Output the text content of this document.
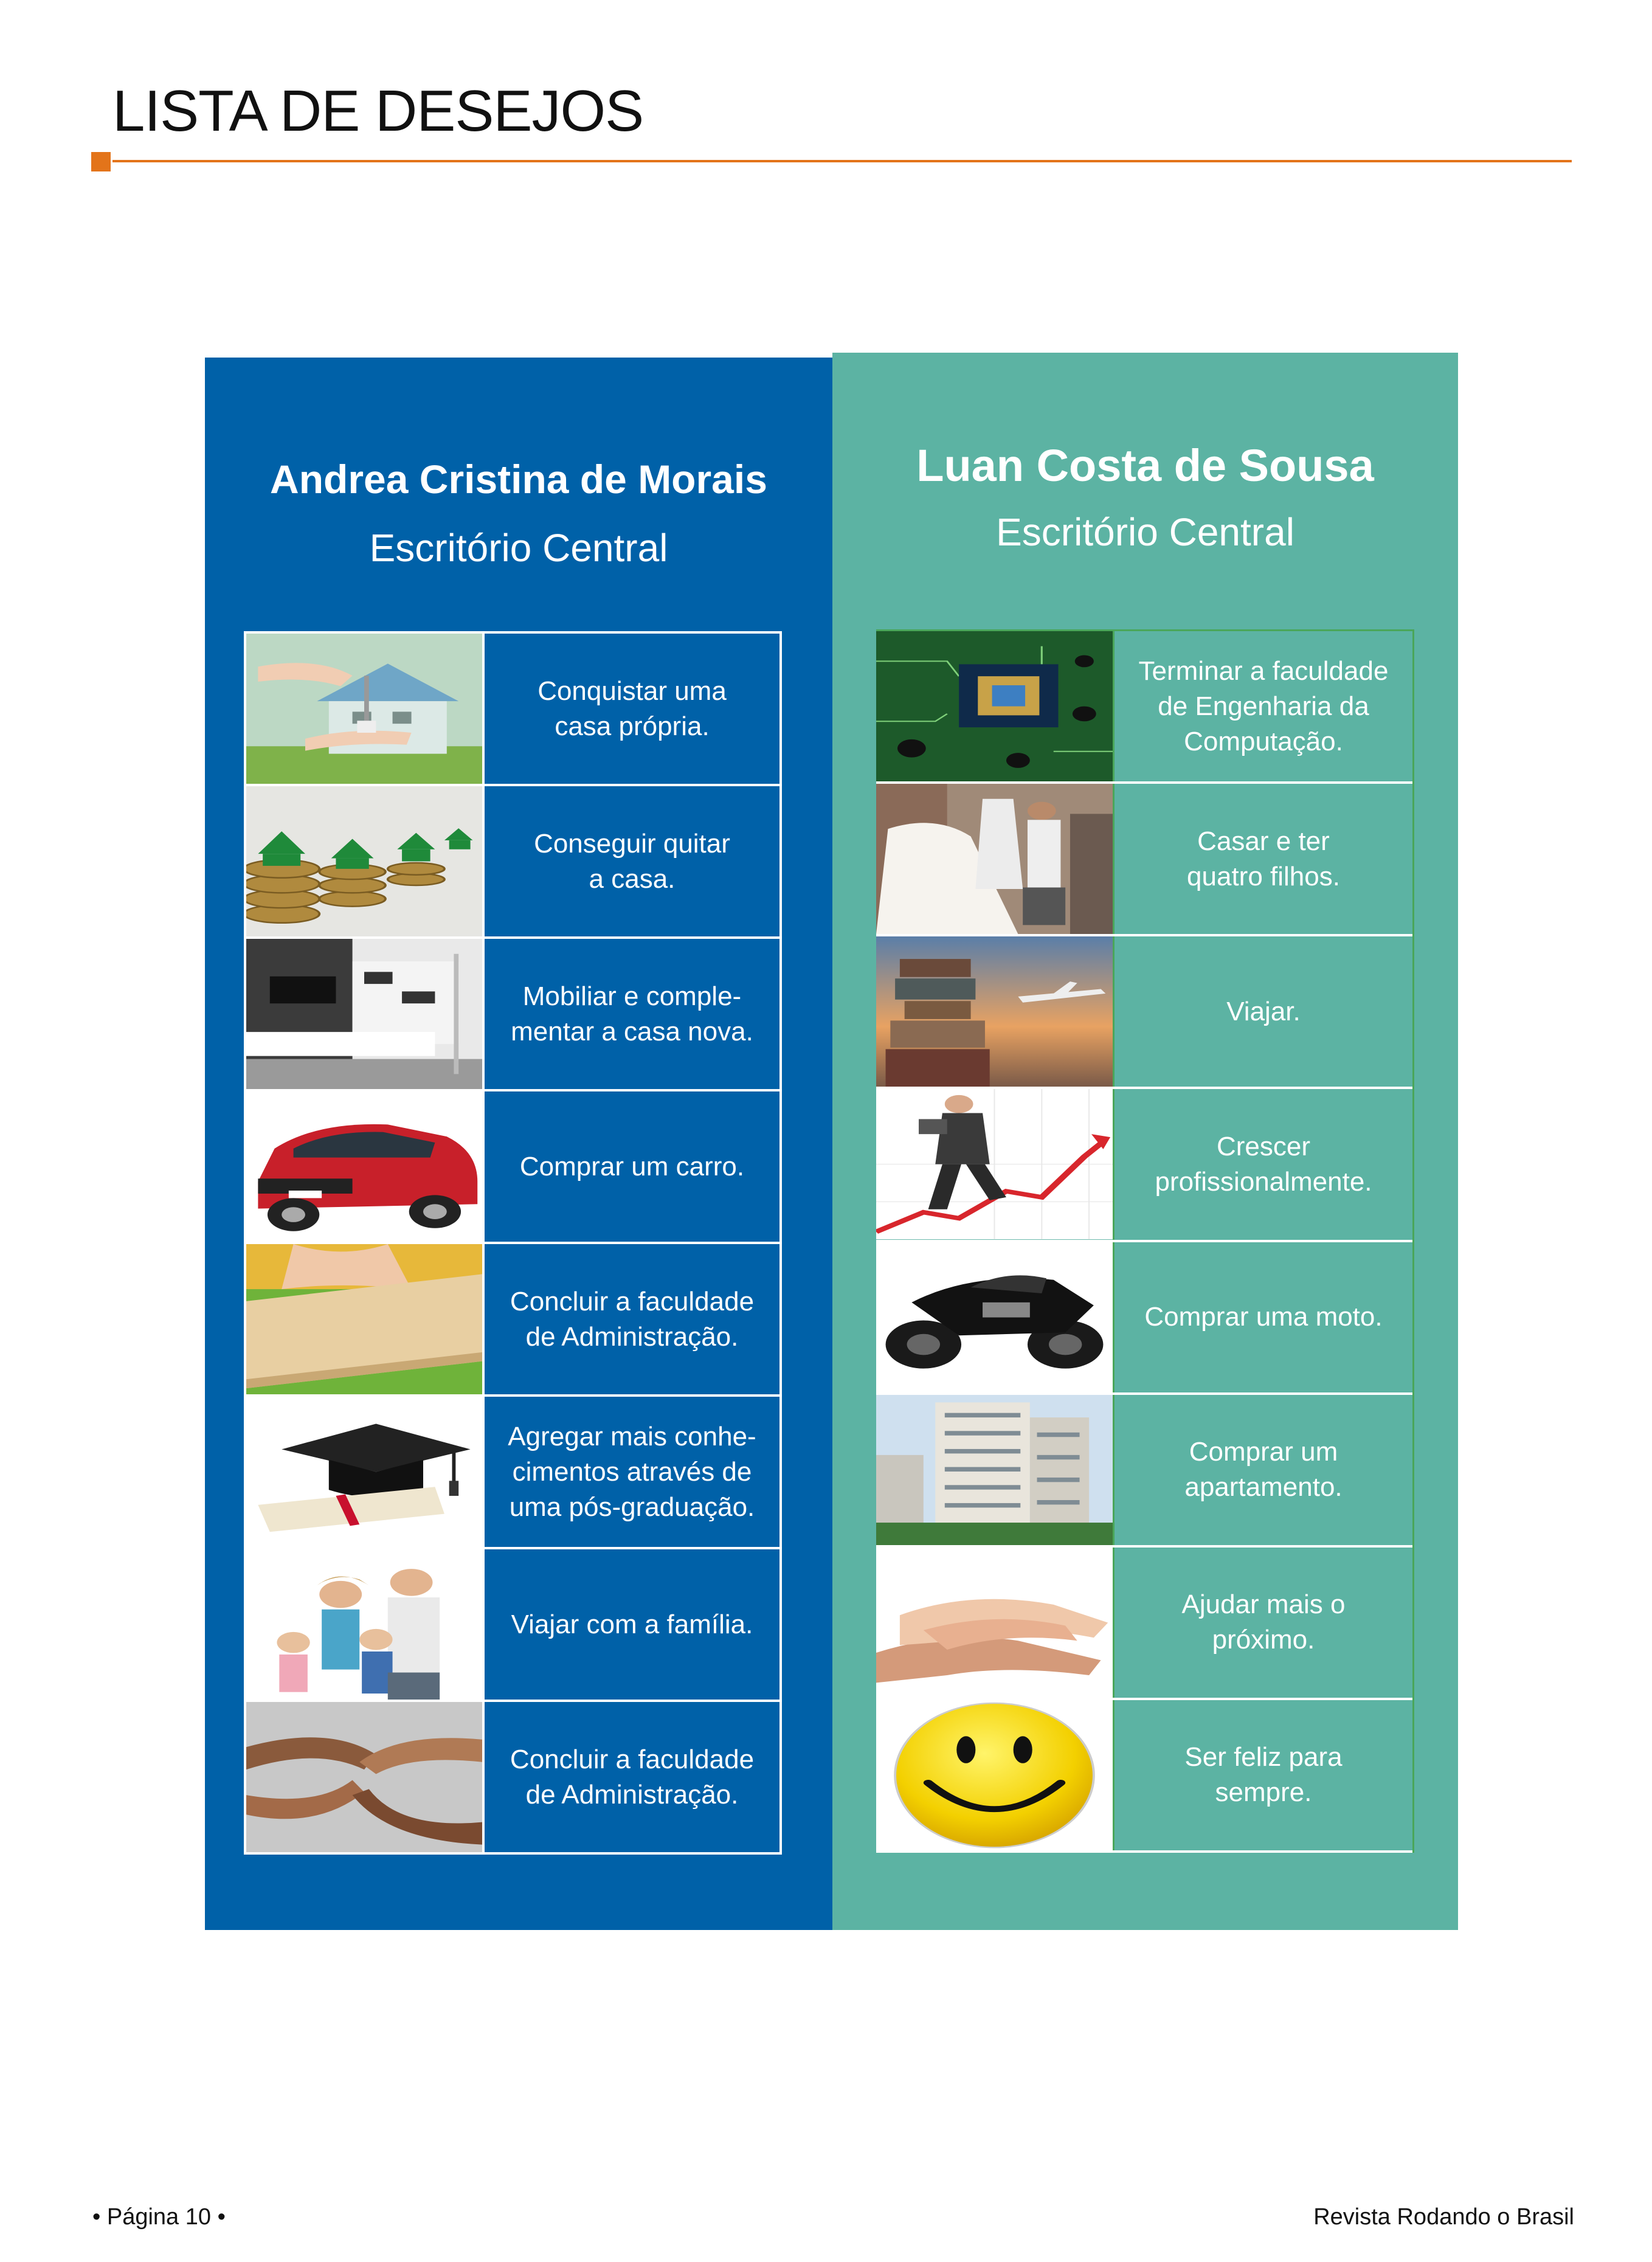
LISTA DE DESEJOS
Andrea Cristina de Morais

Escritório Central

Conquistar uma
casa própria.
Conseguir quitar
a casa.
Mobiliar e comple-
mentar a casa nova.
Comprar um carro.
Concluir a faculdade
de Administração.
Agregar mais conhe-
cimentos através de
uma pós-graduação.
Viajar com a família.
Concluir a faculdade
de Administração.
Luan Costa de Sousa

Escritório Central

Terminar a faculdade
de Engenharia da
Computação.
Casar e ter
quatro filhos.
Viajar.
Crescer
profissionalmente.
Comprar uma moto.
Comprar um
apartamento.
Ajudar mais o
próximo.
Ser feliz para sempre.
• Página 10 •	Revista Rodando o Brasil
